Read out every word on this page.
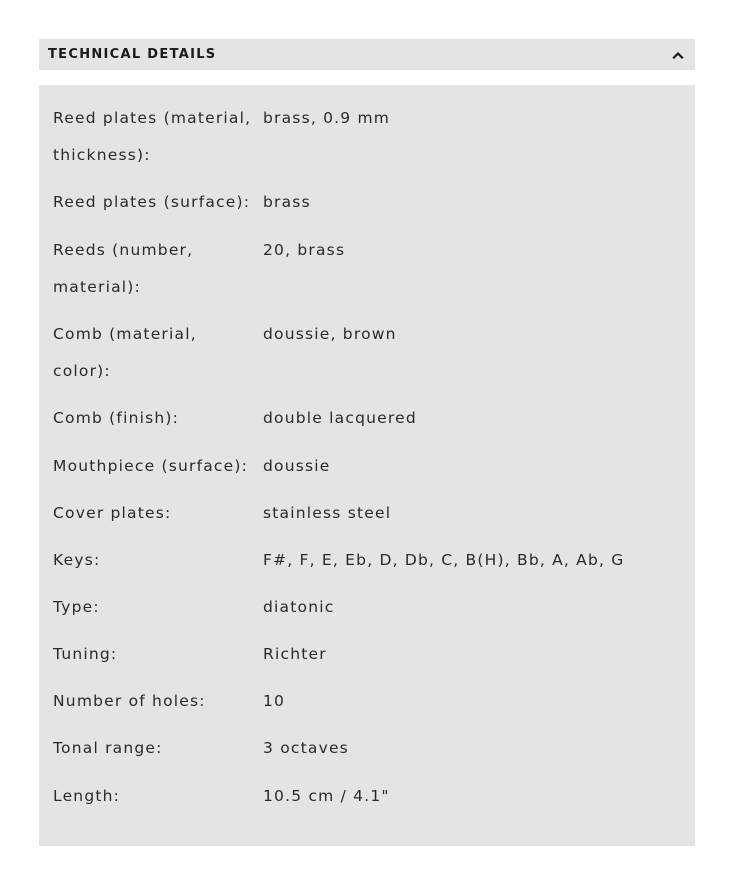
TECHNICAL DETAILS
Reed plates (material,
thickness):
brass, 0.9 mm
Reed plates (surface): brass
Reeds (number,
material):
20, brass
Comb (material,
color):
doussie, brown
Comb (finish):	double lacquered
Mouthpiece (surface): doussie
Cover plates:	stainless steel
Keys:	F#, F, E, Eb, D, Db, C, B(H), Bb, A, Ab, G
Type:	diatonic
Tuning:	Richter
Number of holes:	10
Tonal range:	3 octaves
Length:	10.5 cm / 4.1"
